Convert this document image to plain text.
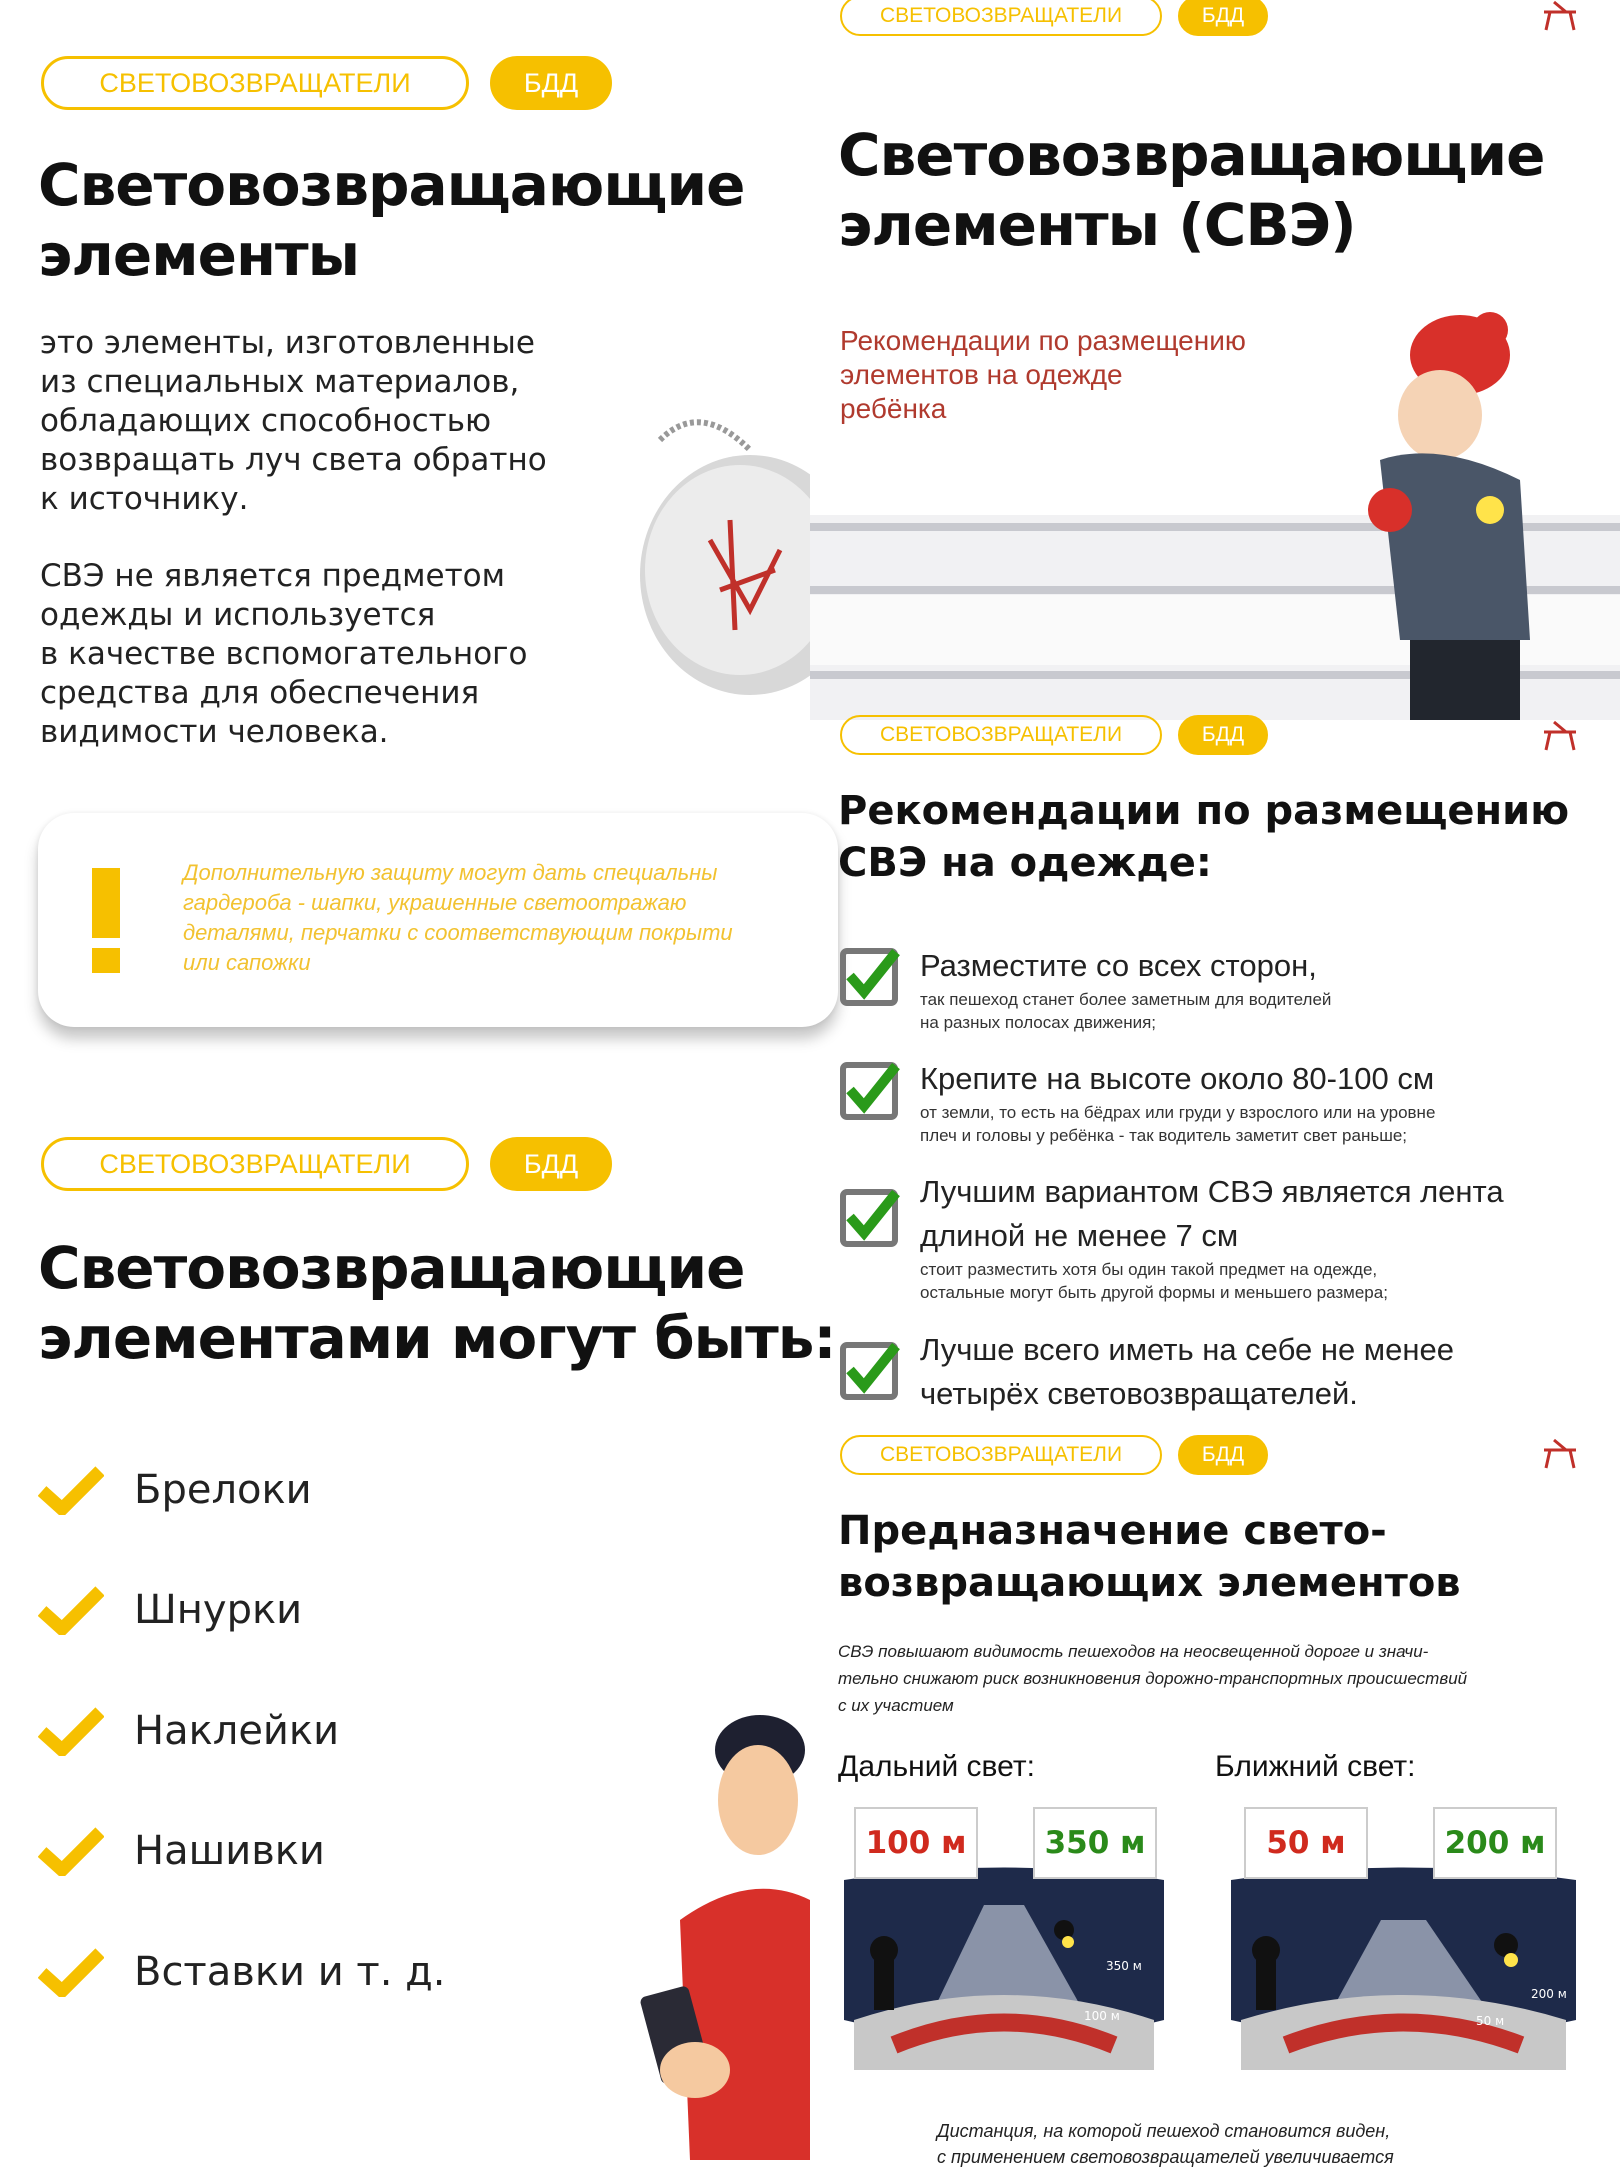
СВЕТОВОЗВРАЩАТЕЛИ	БДД
Световозвращающие
элементы
это элементы, изготовленные
из специальных материалов,
обладающих способностью
возвращать луч света обратно
к источнику.
СВЭ не является предметом
одежды и используется
в качестве вспомогательного
средства для обеспечения
видимости человека.
Дополнительную защиту могут дать специальны
гардероба - шапки, украшенные светоотражаю
деталями, перчатки с соответствующим покрыти
или сапожки
СВЕТОВОЗВРАЩАТЕЛИ	БДД
Световозвращающие
элементами могут быть:
Брелоки
Шнурки
Наклейки
Нашивки
Вставки и т. д.
СВЕТОВОЗВРАЩАТЕЛИ	БДД
Световозвращающие
элементы (СВЭ)
Рекомендации по размещению
элементов на одежде
ребёнка
СВЕТОВОЗВРАЩАТЕЛИ	БДД
Рекомендации по размещению
СВЭ на одежде:
Разместите со всех сторон,
так пешеход станет более заметным для водителей
на разных полосах движения;
Крепите на высоте около 80-100 см
от земли, то есть на бёдрах или груди у взрослого или на уровне
плеч и головы у ребёнка - так водитель заметит свет раньше;
Лучшим вариантом СВЭ является лента
длиной не менее 7 см
стоит разместить хотя бы один такой предмет на одежде,
остальные могут быть другой формы и меньшего размера;
Лучше всего иметь на себе не менее
четырёх световозвращателей.
СВЕТОВОЗВРАЩАТЕЛИ	БДД
Предназначение свето-
возвращающих элементов
СВЭ повышают видимость пешеходов на неосвещенной дороге и значи-
тельно снижают риск возникновения дорожно-транспортных происшествий
с их участием
Дальний свет:	Ближний свет:
350 м
100 м
100 м	350 м
200 м
50 м
50 м	200 м
Дистанция, на которой пешеход становится виден,
с применением световозвращателей увеличивается
